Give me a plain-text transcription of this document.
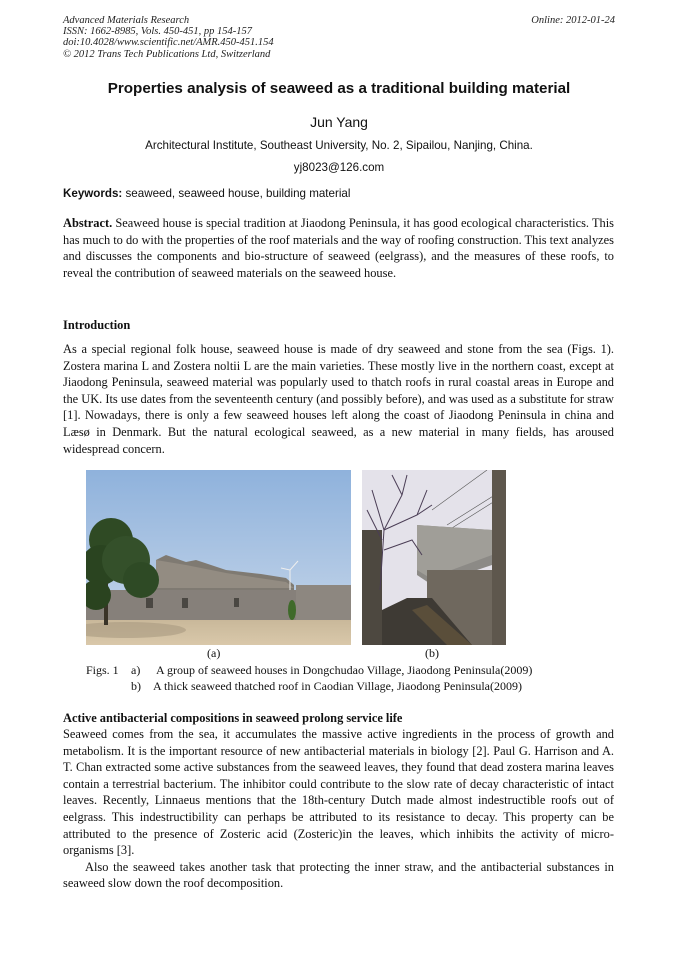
Advanced Materials Research
ISSN: 1662-8985, Vols. 450-451, pp 154-157
doi:10.4028/www.scientific.net/AMR.450-451.154
© 2012 Trans Tech Publications Ltd, Switzerland
Online: 2012-01-24
Properties analysis of seaweed as a traditional building material
Jun Yang
Architectural Institute, Southeast University, No. 2, Sipailou, Nanjing, China.
yj8023@126.com
Keywords: seaweed, seaweed house, building material
Abstract. Seaweed house is special tradition at Jiaodong Peninsula, it has good ecological characteristics. This has much to do with the properties of the roof materials and the way of roofing construction. This text analyzes and discusses the components and bio-structure of seaweed (eelgrass), and the measures of these roofs, to reveal the contribution of seaweed materials on the seaweed house.
Introduction
As a special regional folk house, seaweed house is made of dry seaweed and stone from the sea (Figs. 1). Zostera marina L and Zostera noltii L are the main varieties. These mostly live in the northern coast, except at Jiaodong Peninsula, seaweed material was popularly used to thatch roofs in rural coastal areas in Europe and the UK. Its use dates from the seventeenth century (and possibly before), and was used as a substitute for straw [1]. Nowadays, there is only a few seaweed houses left along the coast of Jiaodong Peninsula in china and Læsø in Denmark. But the natural ecological seaweed, as a new material in many fields, has aroused widespread concern.
(a)	(b)
Figs. 1	a)	A group of seaweed houses in Dongchudao Village, Jiaodong Peninsula(2009)
b)	A thick seaweed thatched roof in Caodian Village, Jiaodong Peninsula(2009)
Active antibacterial compositions in seaweed prolong service life
Seaweed comes from the sea, it accumulates the massive active ingredients in the process of growth and metabolism. It is the important resource of new antibacterial materials in biology [2]. Paul G. Harrison and A. T. Chan extracted some active substances from the seaweed leaves, they found that dead zostera marina leaves contain a terrestrial bacterium. The inhibitor could contribute to the slow rate of decay characteristic of intact leaves. Recently, Linnaeus mentions that the 18th-century Dutch made almost indestructible roofs out of eelgrass. This indestructibility can perhaps be attributed to its resistance to decay. This property can be attributed to the presence of Zosteric acid (Zosteric)in the leaves, which inhibits the activity of micro-organisms [3].
Also the seaweed takes another task that protecting the inner straw, and the antibacterial substances in seaweed slow down the roof decomposition.
